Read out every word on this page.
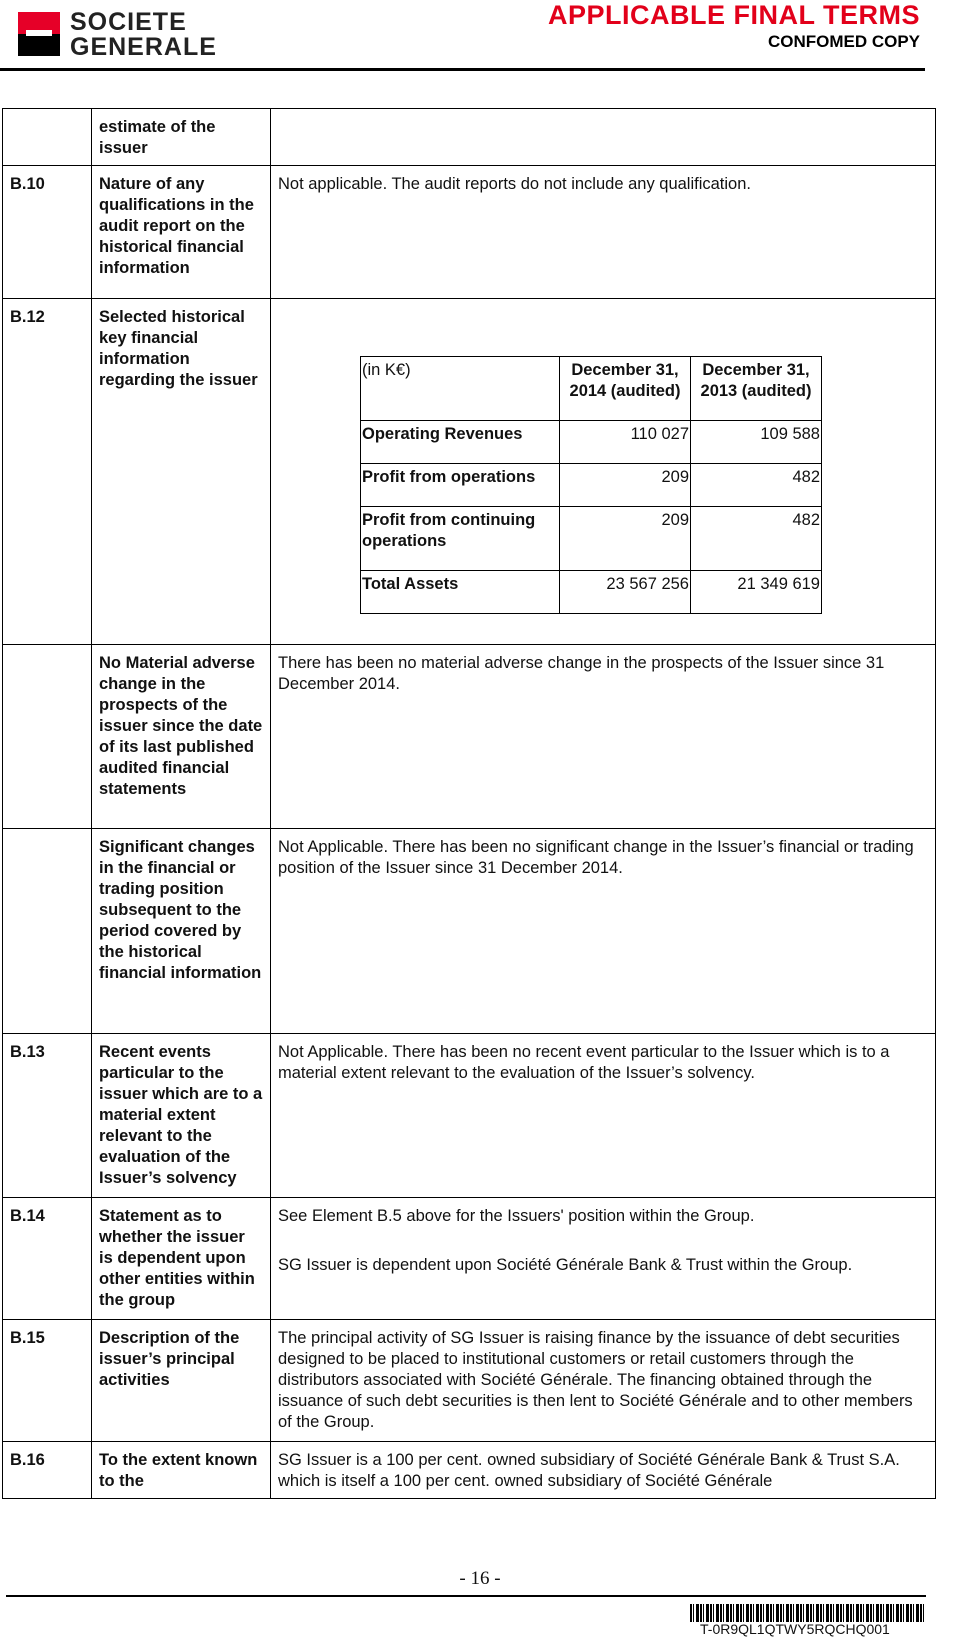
SOCIETE
GENERALE
APPLICABLE FINAL TERMS
CONFOMED COPY
	estimate of the issuer	
B.10	Nature of any qualifications in the audit report on the historical financial information	

Not applicable. The audit reports do not include any qualification.

B.12	Selected historical key financial information regarding the issuer	
(in K€)	December 31, 2014 (audited)	December 31, 2013 (audited)
Operating Revenues	110 027	109 588
Profit from operations	209	482
Profit from continuing operations	209	482
Total Assets	23 567 256	21 349 619

	No Material adverse change in the prospects of the issuer since the date of its last published audited financial statements	

There has been no material adverse change in the prospects of the Issuer since 31 December 2014.

	Significant changes in the financial or trading position subsequent to the period covered by the historical financial information	

Not Applicable. There has been no significant change in the Issuer’s financial or trading position of the Issuer since 31 December 2014.

B.13	Recent events particular to the issuer which are to a material extent relevant to the evaluation of the Issuer’s solvency	

Not Applicable. There has been no recent event particular to the Issuer which is to a material extent relevant to the evaluation of the Issuer’s solvency.

B.14	Statement as to whether the issuer is dependent upon other entities within the group	

See Element B.5 above for the Issuers' position within the Group.

SG Issuer is dependent upon Société Générale Bank & Trust within the Group.

B.15	Description of the issuer’s principal activities	

The principal activity of SG Issuer is raising finance by the issuance of debt securities designed to be placed to institutional customers or retail customers through the distributors associated with Société Générale. The financing obtained through the issuance of such debt securities is then lent to Société Générale and to other members of the Group.

B.16	To the extent known to the	

SG Issuer is a 100 per cent. owned subsidiary of Société Générale Bank & Trust S.A. which is itself a 100 per cent. owned subsidiary of Société Générale

- 16 -
T-0R9QL1QTWY5RQCHQ001
